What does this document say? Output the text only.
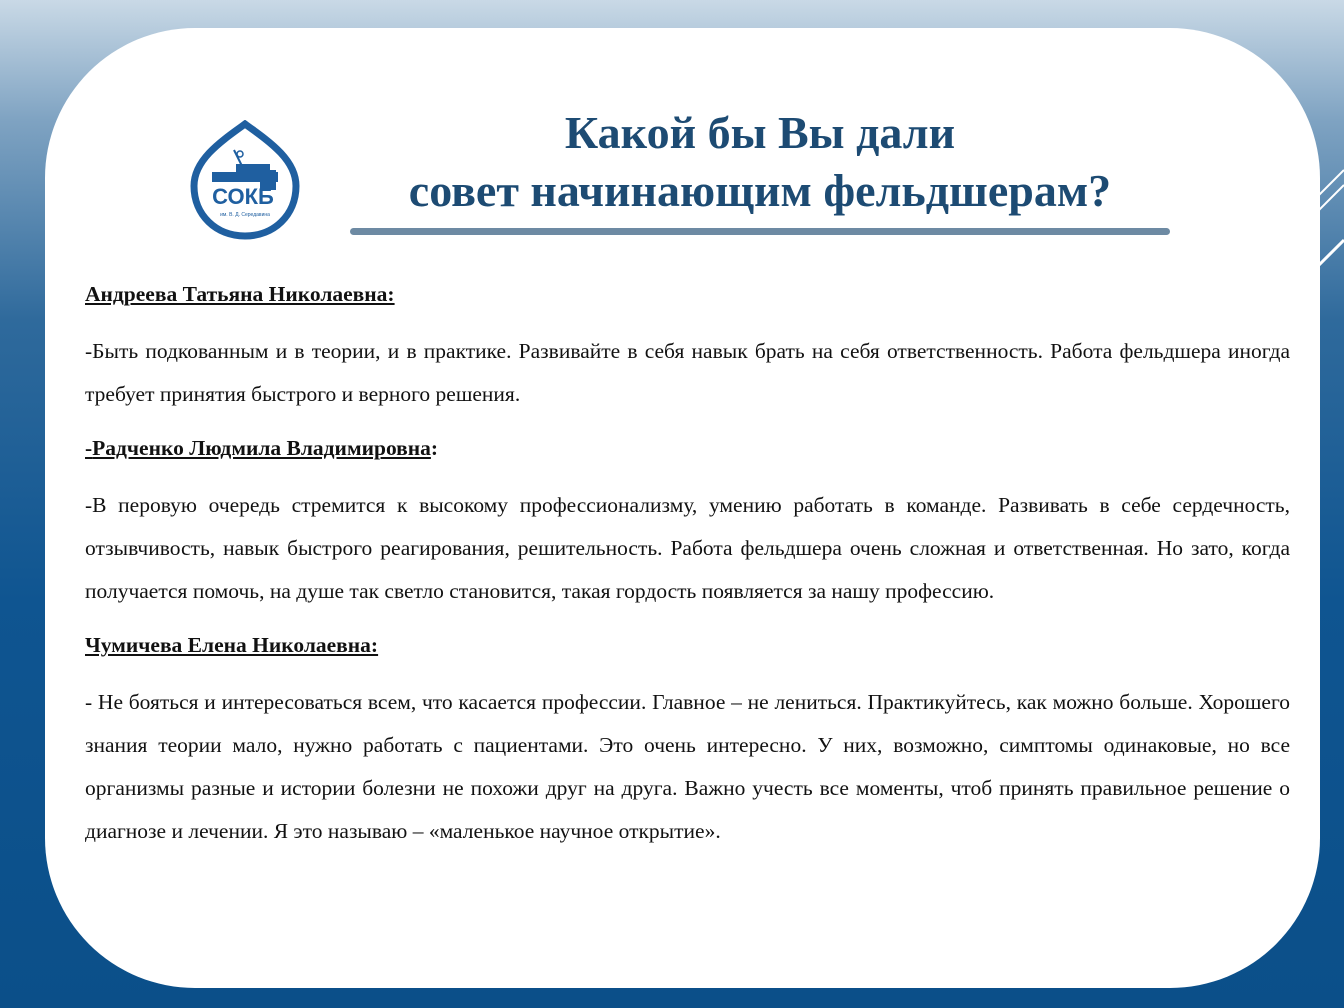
СОКБ
им. В. Д. Середавина
Какой бы Вы дали
совет начинающим фельдшерам?

Андреева Татьяна Николаевна:

-Быть подкованным и в теории, и в практике. Развивайте в себя навык брать на себя ответственность. Работа фельдшера иногда требует принятия быстрого и верного решения.

-Радченко Людмила Владимировна:

-В перовую очередь стремится к высокому профессионализму, умению работать в команде. Развивать в себе сердечность, отзывчивость, навык быстрого реагирования, решительность. Работа фельдшера очень сложная и ответственная. Но зато, когда получается помочь, на душе так светло становится, такая гордость появляется за нашу профессию.

Чумичева Елена Николаевна:

- Не бояться и интересоваться всем, что касается профессии. Главное – не лениться. Практикуйтесь, как можно больше. Хорошего знания теории мало, нужно работать с пациентами. Это очень интересно. У них, возможно, симптомы одинаковые, но все организмы разные и истории болезни не похожи друг на друга. Важно учесть все моменты, чтоб принять правильное решение о диагнозе и лечении. Я это называю – «маленькое научное открытие».
